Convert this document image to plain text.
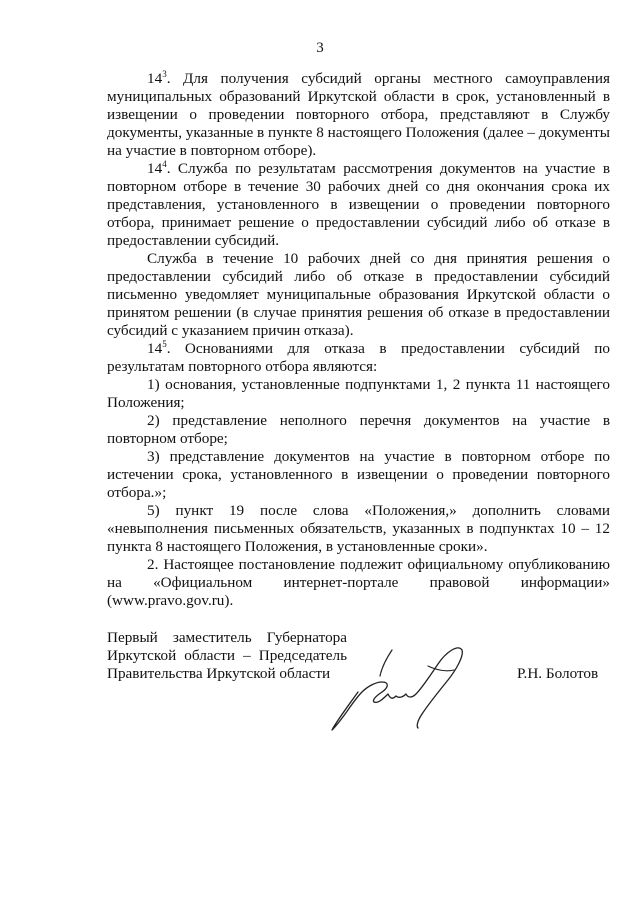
3

$14^3$. Для получения субсидий органы местного самоуправления муниципальных образований Иркутской области в срок, установленный в извещении о проведении повторного отбора, представляют в Службу документы, указанные в пункте 8 настоящего Положения (далее – документы на участие в повторном отборе).

$14^4$. Служба по результатам рассмотрения документов на участие в повторном отборе в течение 30 рабочих дней со дня окончания срока их представления, установленного в извещении о проведении повторного отбора, принимает решение о предоставлении субсидий либо об отказе в предоставлении субсидий.

Служба в течение 10 рабочих дней со дня принятия решения о предоставлении субсидий либо об отказе в предоставлении субсидий письменно уведомляет муниципальные образования Иркутской области о принятом решении (в случае принятия решения об отказе в предоставлении субсидий с указанием причин отказа).

$14^5$. Основаниями для отказа в предоставлении субсидий по результатам повторного отбора являются:

1) основания, установленные подпунктами 1, 2 пункта 11 настоящего Положения;

2) представление неполного перечня документов на участие в повторном отборе;

3) представление документов на участие в повторном отборе по истечении срока, установленного в извещении о проведении повторного отбора.»;

5) пункт 19 после слова «Положения,» дополнить словами «невыполнения письменных обязательств, указанных в подпунктах 10 – 12 пункта 8 настоящего Положения, в установленные сроки».

2. Настоящее постановление подлежит официальному опубликованию на «Официальном интернет-портале правовой информации» (www.pravo.gov.ru).

Первый заместитель Губернатора
Иркутской области – Председатель
Правительства Иркутской области	Р.Н. Болотов
